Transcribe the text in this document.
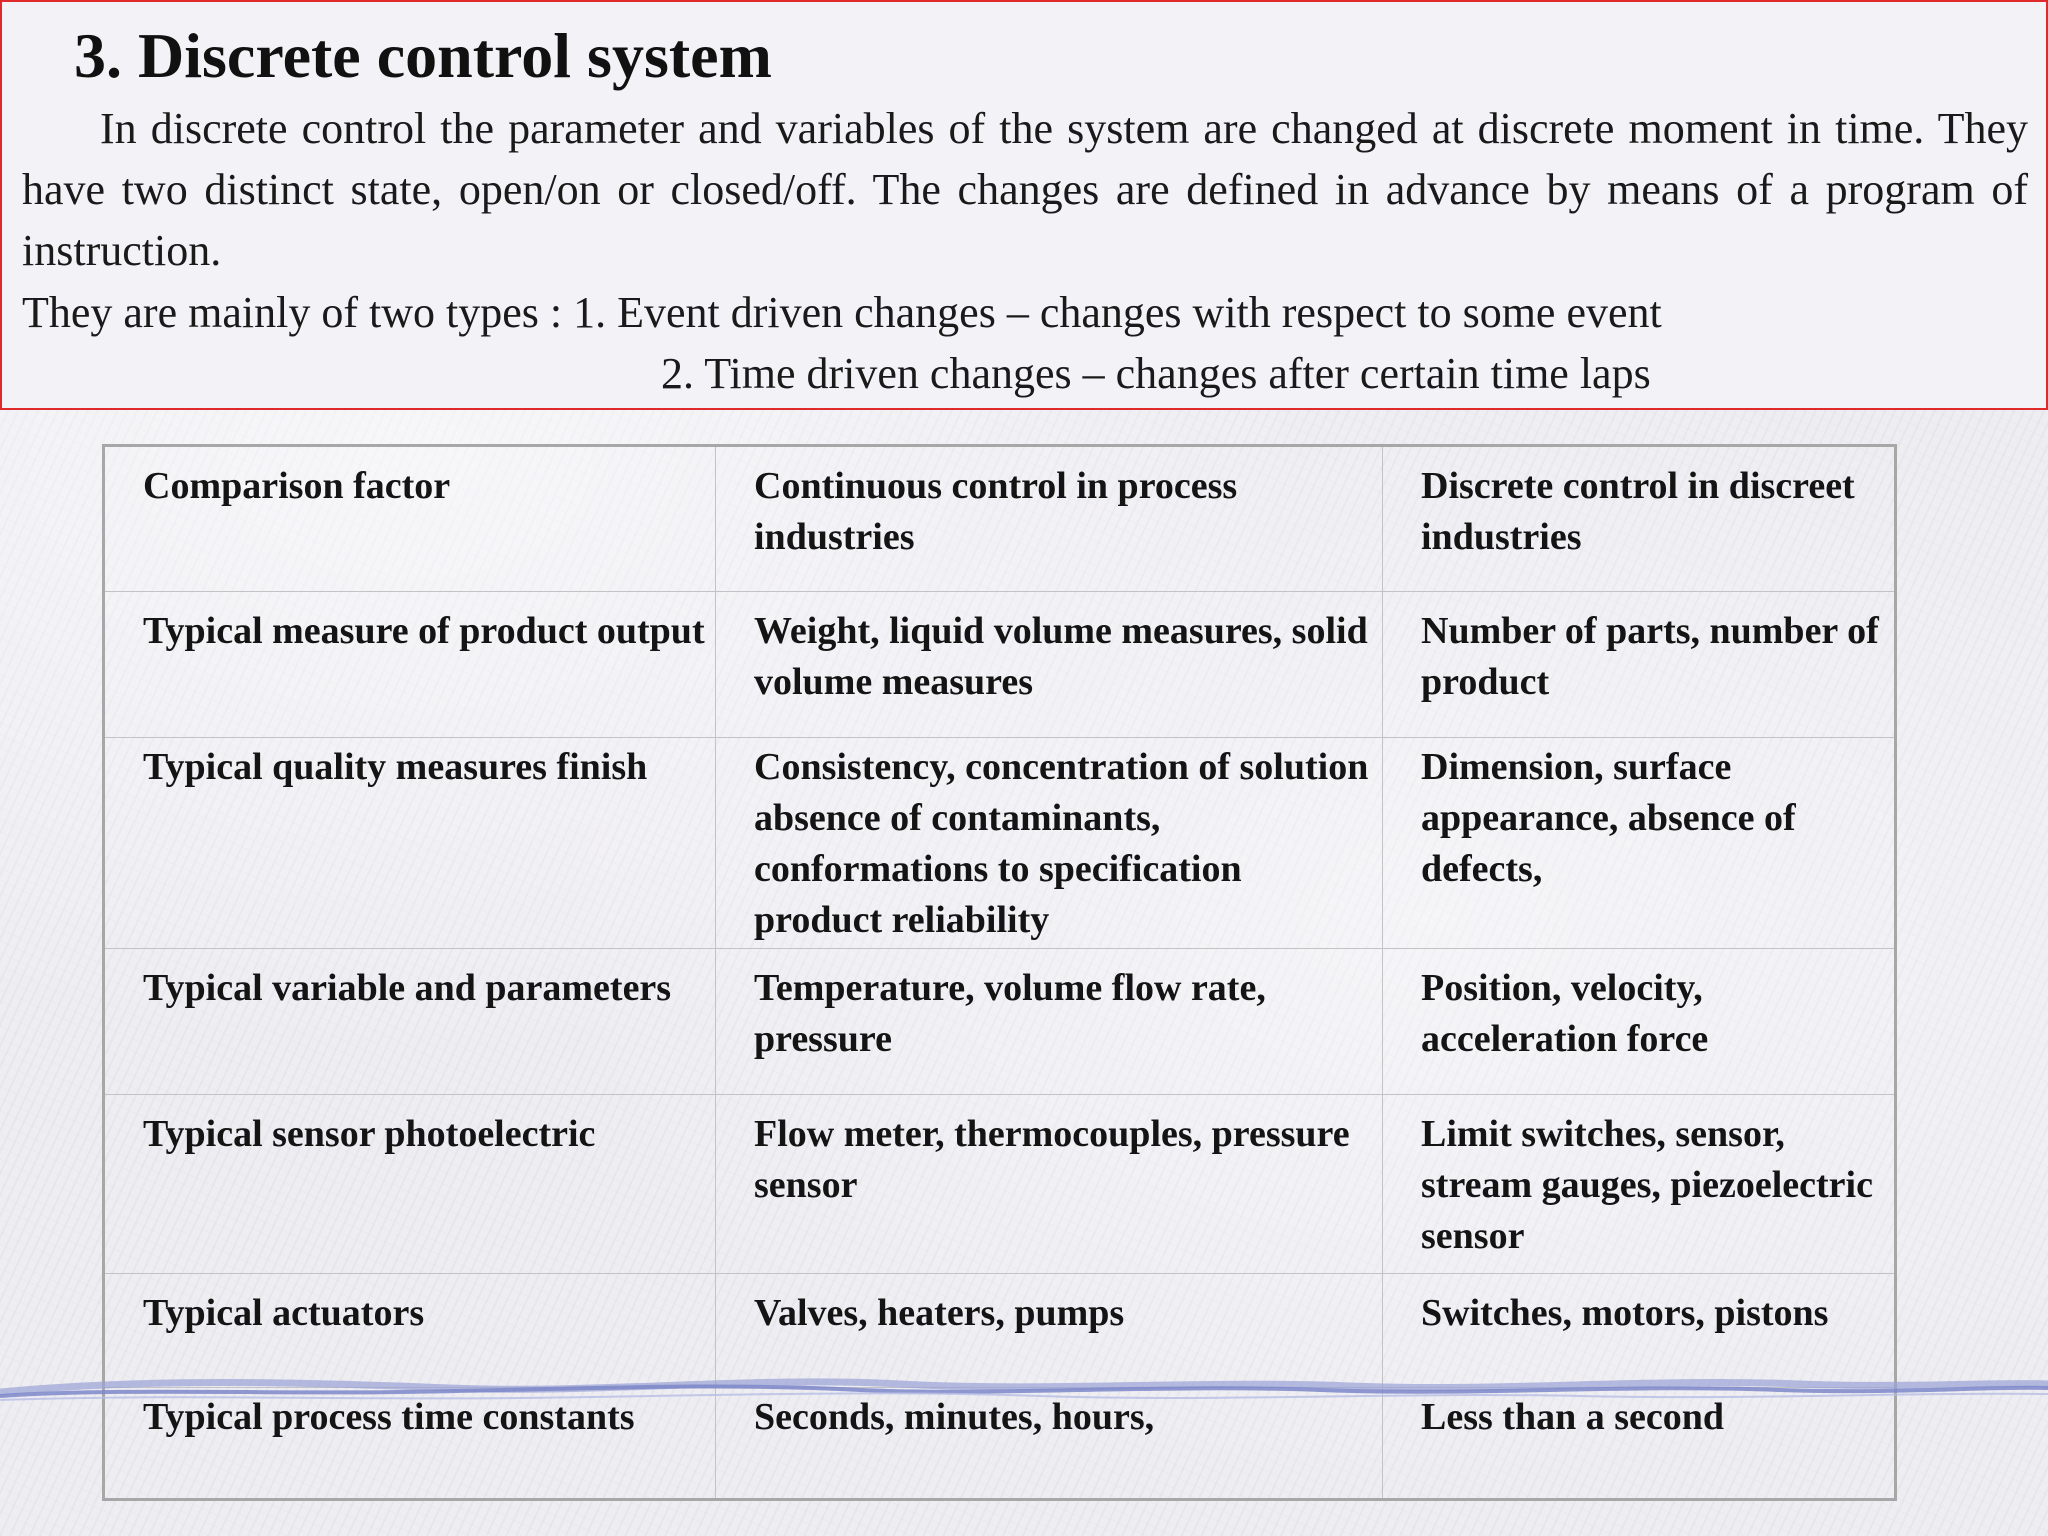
3. Discrete control system

In discrete control the parameter and variables of the system are changed at discrete moment in time. They have two distinct state, open/on or closed/off. The changes are defined in advance by means of a program of instruction.

They are mainly of two types : 1. Event driven changes – changes with respect to some event

2. Time driven changes – changes after certain time laps

Comparison factor	Continuous control in process industries	Discrete control in discreet industries

Typical measure of product output	Weight, liquid volume measures, solid volume measures	Number of parts, number of product

Typical quality measures finish	Consistency, concentration of solution absence of contaminants, conformations to specification product reliability	Dimension, surface appearance, absence of defects,

Typical variable and parameters	Temperature, volume flow rate, pressure	Position, velocity, acceleration force

Typical sensor photoelectric	Flow meter, thermocouples, pressure sensor	Limit switches, sensor, stream gauges, piezoelectric sensor

Typical actuators	Valves, heaters, pumps	Switches, motors, pistons

Typical process time constants	Seconds, minutes, hours,	Less than a second
